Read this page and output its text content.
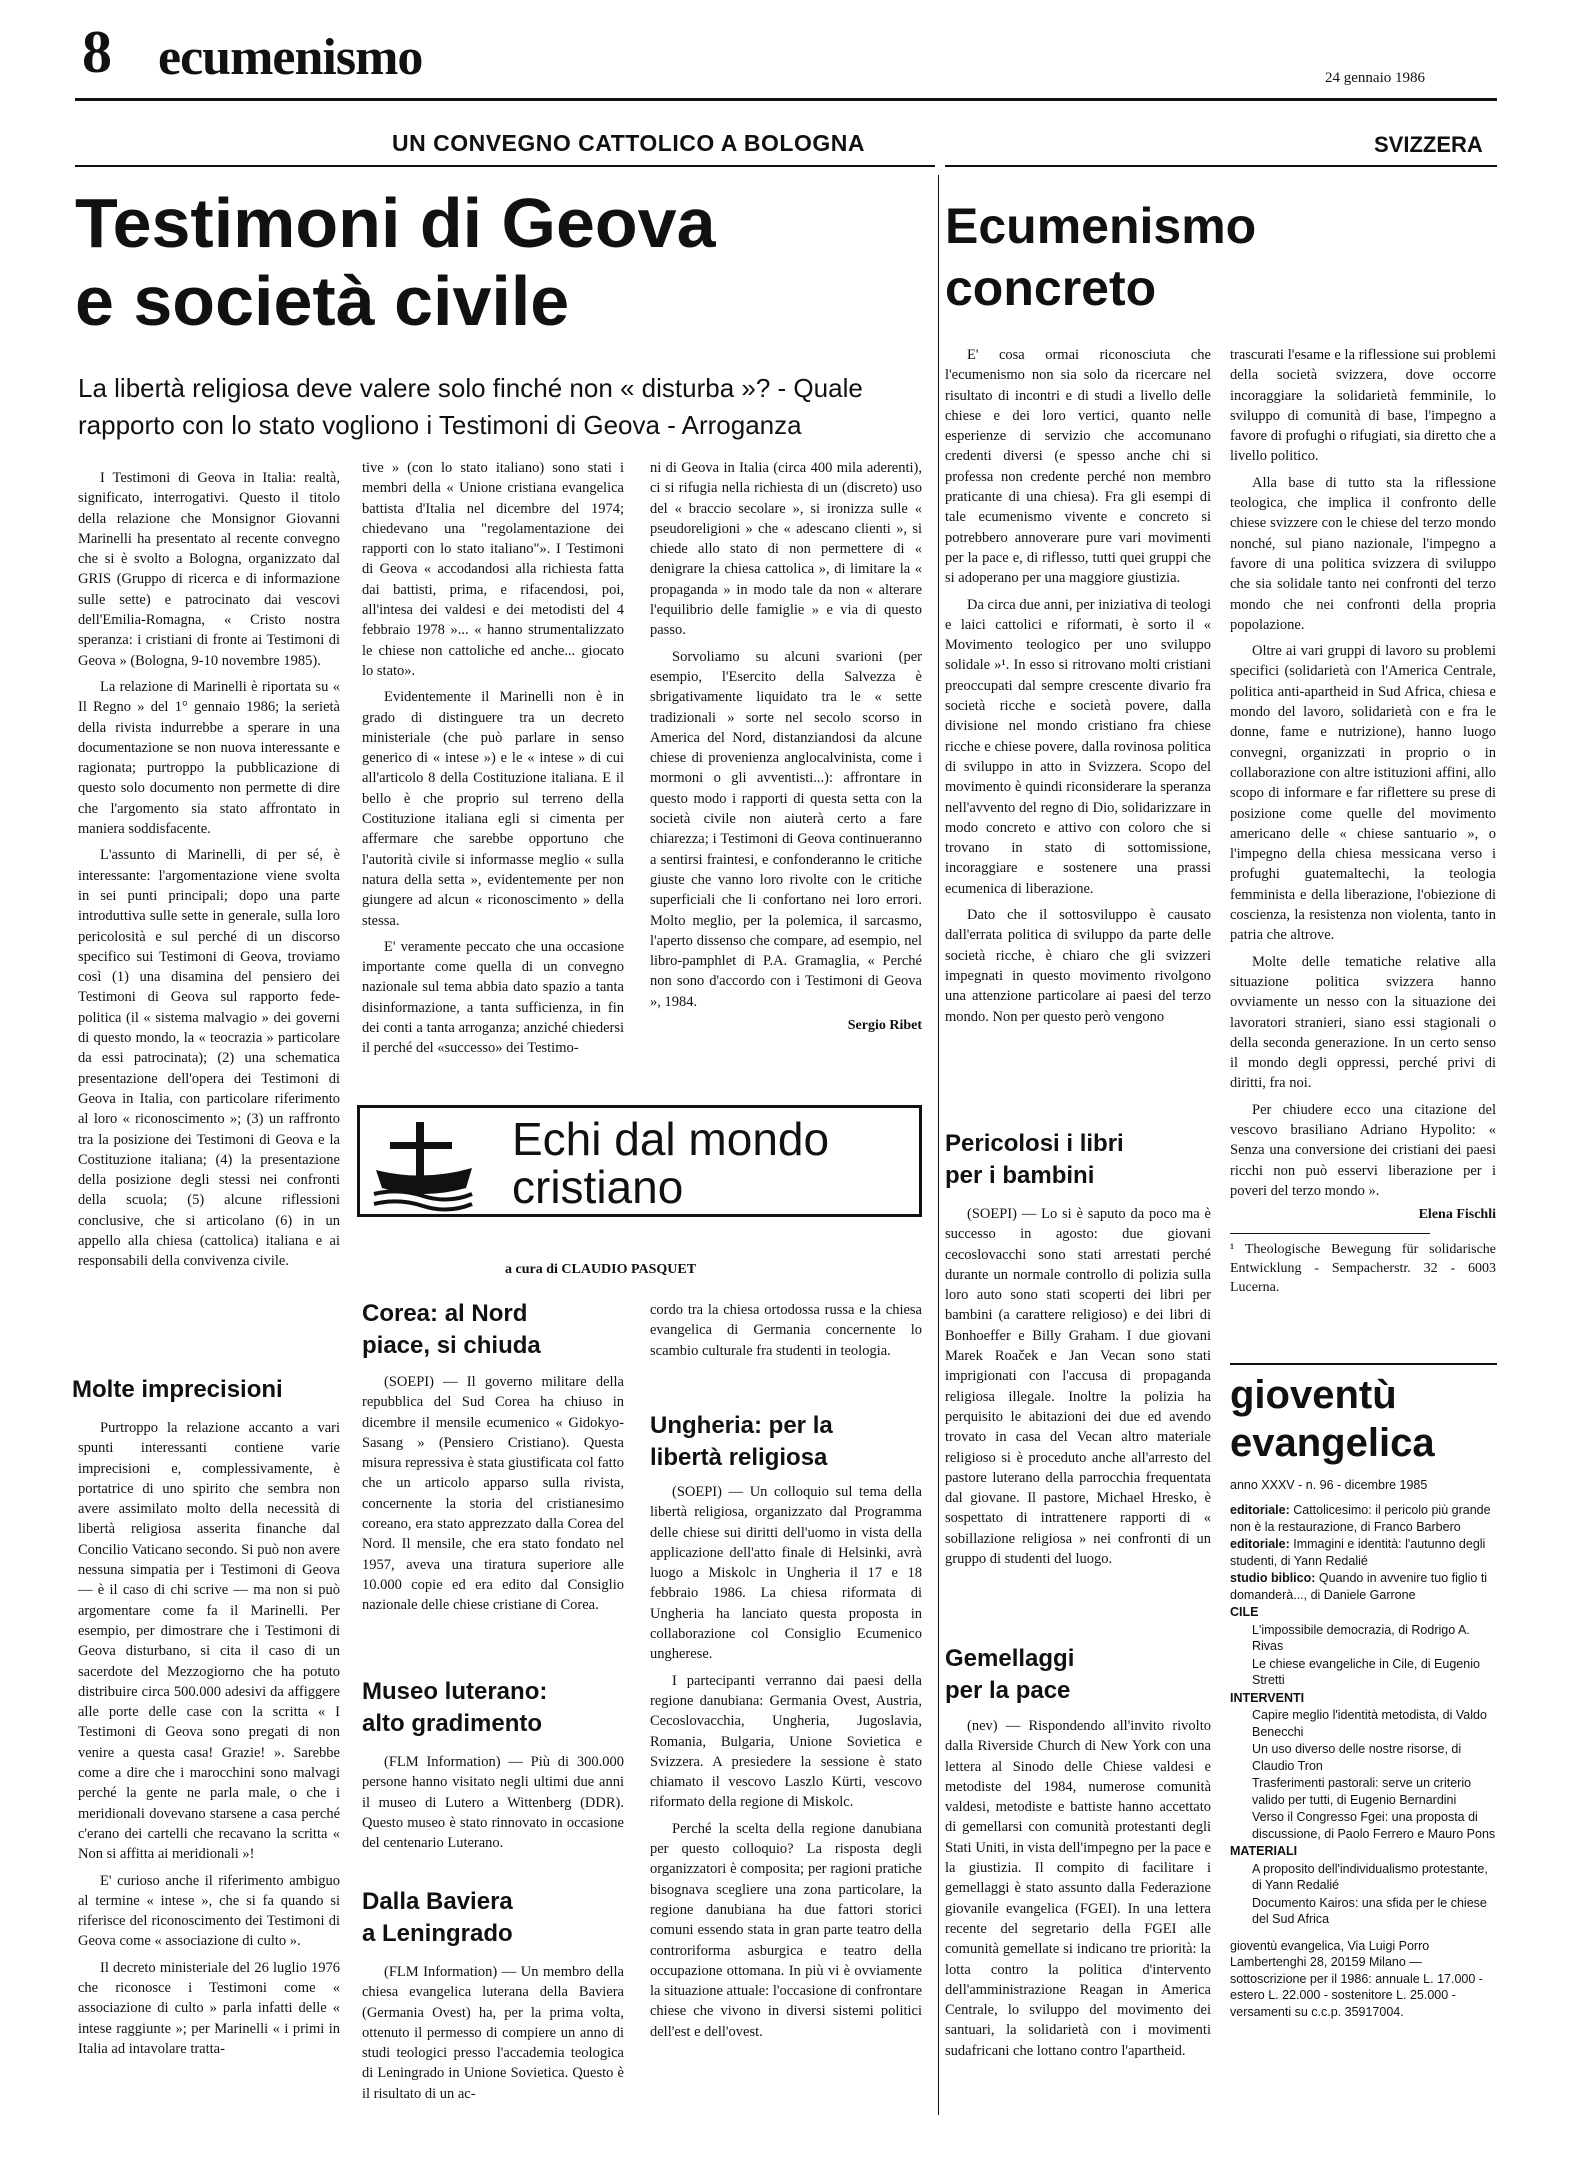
8 ecumenismo	24 gennaio 1986
UN CONVEGNO CATTOLICO A BOLOGNA
Testimoni di Geova
e società civile
La libertà religiosa deve valere solo finché non « disturba »? - Quale
rapporto con lo stato vogliono i Testimoni di Geova - Arroganza

I Testimoni di Geova in Italia: realtà, significato, interrogativi. Questo il titolo della relazione che Monsignor Giovanni Marinelli ha presentato al recente convegno che si è svolto a Bologna, organizzato dal GRIS (Gruppo di ricerca e di informazione sulle sette) e patrocinato dai vescovi dell'Emilia-Romagna, « Cristo nostra speranza: i cristiani di fronte ai Testimoni di Geova » (Bologna, 9-10 novembre 1985).

La relazione di Marinelli è riportata su « Il Regno » del 1° gennaio 1986; la serietà della rivista indurrebbe a sperare in una documentazione se non nuova interessante e ragionata; purtroppo la pubblicazione di questo solo documento non permette di dire che l'argomento sia stato affrontato in maniera soddisfacente.

L'assunto di Marinelli, di per sé, è interessante: l'argomentazione viene svolta in sei punti principali; dopo una parte introduttiva sulle sette in generale, sulla loro pericolosità e sul perché di un discorso specifico sui Testimoni di Geova, troviamo così (1) una disamina del pensiero dei Testimoni di Geova sul rapporto fede-politica (il « sistema malvagio » dei governi di questo mondo, la « teocrazia » particolare da essi patrocinata); (2) una schematica presentazione dell'opera dei Testimoni di Geova in Italia, con particolare riferimento al loro « riconoscimento »; (3) un raffronto tra la posizione dei Testimoni di Geova e la Costituzione italiana; (4) la presentazione della posizione degli stessi nei confronti della scuola; (5) alcune riflessioni conclusive, che si articolano (6) in un appello alla chiesa (cattolica) italiana e ai responsabili della convivenza civile.

Molte imprecisioni

Purtroppo la relazione accanto a vari spunti interessanti contiene varie imprecisioni e, complessivamente, è portatrice di uno spirito che sembra non avere assimilato molto della necessità di libertà religiosa asserita finanche dal Concilio Vaticano secondo. Si può non avere nessuna simpatia per i Testimoni di Geova — è il caso di chi scrive — ma non si può argomentare come fa il Marinelli. Per esempio, per dimostrare che i Testimoni di Geova disturbano, si cita il caso di un sacerdote del Mezzogiorno che ha potuto distribuire circa 500.000 adesivi da affiggere alle porte delle case con la scritta « I Testimoni di Geova sono pregati di non venire a questa casa! Grazie! ». Sarebbe come a dire che i marocchini sono malvagi perché la gente ne parla male, o che i meridionali dovevano starsene a casa perché c'erano dei cartelli che recavano la scritta « Non si affitta ai meridionali »!

E' curioso anche il riferimento ambiguo al termine « intese », che si fa quando si riferisce del riconoscimento dei Testimoni di Geova come « associazione di culto ».

Il decreto ministeriale del 26 luglio 1976 che riconosce i Testimoni come « associazione di culto » parla infatti delle « intese raggiunte »; per Marinelli « i primi in Italia ad intavolare tratta-

tive » (con lo stato italiano) sono stati i membri della « Unione cristiana evangelica battista d'Italia nel dicembre del 1974; chiedevano una "regolamentazione dei rapporti con lo stato italiano"». I Testimoni di Geova « accodandosi alla richiesta fatta dai battisti, prima, e rifacendosi, poi, all'intesa dei valdesi e dei metodisti del 4 febbraio 1978 »... « hanno strumentalizzato le chiese non cattoliche ed anche... giocato lo stato».

Evidentemente il Marinelli non è in grado di distinguere tra un decreto ministeriale (che può parlare in senso generico di « intese ») e le « intese » di cui all'articolo 8 della Costituzione italiana. E il bello è che proprio sul terreno della Costituzione italiana egli si cimenta per affermare che sarebbe opportuno che l'autorità civile si informasse meglio « sulla natura della setta », evidentemente per non giungere ad alcun « riconoscimento » della stessa.

E' veramente peccato che una occasione importante come quella di un convegno nazionale sul tema abbia dato spazio a tanta disinformazione, a tanta sufficienza, in fin dei conti a tanta arroganza; anziché chiedersi il perché del «successo» dei Testimo-

ni di Geova in Italia (circa 400 mila aderenti), ci si rifugia nella richiesta di un (discreto) uso del « braccio secolare », si ironizza sulle « pseudoreligioni » che « adescano clienti », si chiede allo stato di non permettere di « denigrare la chiesa cattolica », di limitare la « propaganda » in modo tale da non « alterare l'equilibrio delle famiglie » e via di questo passo.

Sorvoliamo su alcuni svarioni (per esempio, l'Esercito della Salvezza è sbrigativamente liquidato tra le « sette tradizionali » sorte nel secolo scorso in America del Nord, distanziandosi da alcune chiese di provenienza anglocalvinista, come i mormoni o gli avventisti...): affrontare in questo modo i rapporti di questa setta con la società civile non aiuterà certo a fare chiarezza; i Testimoni di Geova continueranno a sentirsi fraintesi, e confonderanno le critiche giuste che vanno loro rivolte con le critiche superficiali che li confortano nei loro errori. Molto meglio, per la polemica, il sarcasmo, l'aperto dissenso che compare, ad esempio, nel libro-pamphlet di P.A. Gramaglia, « Perché non sono d'accordo con i Testimoni di Geova », 1984.

Sergio Ribet

Echi dal mondo
cristiano
a cura di CLAUDIO PASQUET
Corea: al Nord
piace, si chiuda

(SOEPI) — Il governo militare della repubblica del Sud Corea ha chiuso in dicembre il mensile ecumenico « Gidokyo-Sasang » (Pensiero Cristiano). Questa misura repressiva è stata giustificata col fatto che un articolo apparso sulla rivista, concernente la storia del cristianesimo coreano, era stato apprezzato dalla Corea del Nord. Il mensile, che era stato fondato nel 1957, aveva una tiratura superiore alle 10.000 copie ed era edito dal Consiglio nazionale delle chiese cristiane di Corea.

Museo luterano:
alto gradimento

(FLM Information) — Più di 300.000 persone hanno visitato negli ultimi due anni il museo di Lutero a Wittenberg (DDR). Questo museo è stato rinnovato in occasione del centenario Luterano.

Dalla Baviera
a Leningrado

(FLM Information) — Un membro della chiesa evangelica luterana della Baviera (Germania Ovest) ha, per la prima volta, ottenuto il permesso di compiere un anno di studi teologici presso l'accademia teologica di Leningrado in Unione Sovietica. Questo è il risultato di un ac-

cordo tra la chiesa ortodossa russa e la chiesa evangelica di Germania concernente lo scambio culturale fra studenti in teologia.

Ungheria: per la
libertà religiosa

(SOEPI) — Un colloquio sul tema della libertà religiosa, organizzato dal Programma delle chiese sui diritti dell'uomo in vista della applicazione dell'atto finale di Helsinki, avrà luogo a Miskolc in Ungheria il 17 e 18 febbraio 1986. La chiesa riformata di Ungheria ha lanciato questa proposta in collaborazione col Consiglio Ecumenico ungherese.

I partecipanti verranno dai paesi della regione danubiana: Germania Ovest, Austria, Cecoslovacchia, Ungheria, Jugoslavia, Romania, Bulgaria, Unione Sovietica e Svizzera. A presiedere la sessione è stato chiamato il vescovo Laszlo Kürti, vescovo riformato della regione di Miskolc.

Perché la scelta della regione danubiana per questo colloquio? La risposta degli organizzatori è composita; per ragioni pratiche bisognava scegliere una zona particolare, la regione danubiana ha due fattori storici comuni essendo stata in gran parte teatro della controriforma asburgica e teatro della occupazione ottomana. In più vi è ovviamente la situazione attuale: l'occasione di confrontare chiese che vivono in diversi sistemi politici dell'est e dell'ovest.

SVIZZERA
Ecumenismo
concreto

E' cosa ormai riconosciuta che l'ecumenismo non sia solo da ricercare nel risultato di incontri e di studi a livello delle chiese e dei loro vertici, quanto nelle esperienze di servizio che accomunano credenti diversi (e spesso anche chi si professa non credente perché non membro praticante di una chiesa). Fra gli esempi di tale ecumenismo vivente e concreto si potrebbero annoverare pure vari movimenti per la pace e, di riflesso, tutti quei gruppi che si adoperano per una maggiore giustizia.

Da circa due anni, per iniziativa di teologi e laici cattolici e riformati, è sorto il « Movimento teologico per uno sviluppo solidale »¹. In esso si ritrovano molti cristiani preoccupati dal sempre crescente divario fra società ricche e società povere, dalla divisione nel mondo cristiano fra chiese ricche e chiese povere, dalla rovinosa politica di sviluppo in atto in Svizzera. Scopo del movimento è quindi riconsiderare la speranza nell'avvento del regno di Dio, solidarizzare in modo concreto e attivo con coloro che si trovano in stato di sottomissione, incoraggiare e sostenere una prassi ecumenica di liberazione.

Dato che il sottosviluppo è causato dall'errata politica di sviluppo da parte delle società ricche, è chiaro che gli svizzeri impegnati in questo movimento rivolgono una attenzione particolare ai paesi del terzo mondo. Non per questo però vengono

trascurati l'esame e la riflessione sui problemi della società svizzera, dove occorre incoraggiare la solidarietà femminile, lo sviluppo di comunità di base, l'impegno a favore di profughi o rifugiati, sia diretto che a livello politico.

Alla base di tutto sta la riflessione teologica, che implica il confronto delle chiese svizzere con le chiese del terzo mondo nonché, sul piano nazionale, l'impegno a favore di una politica svizzera di sviluppo che sia solidale tanto nei confronti del terzo mondo che nei confronti della propria popolazione.

Oltre ai vari gruppi di lavoro su problemi specifici (solidarietà con l'America Centrale, politica anti-apartheid in Sud Africa, chiesa e mondo del lavoro, solidarietà con e fra le donne, fame e nutrizione), hanno luogo convegni, organizzati in proprio o in collaborazione con altre istituzioni affini, allo scopo di informare e far riflettere su prese di posizione come quelle del movimento americano delle « chiese santuario », o l'impegno della chiesa messicana verso i profughi guatemaltechi, la teologia femminista e della liberazione, l'obiezione di coscienza, la resistenza non violenta, tanto in patria che altrove.

Molte delle tematiche relative alla situazione politica svizzera hanno ovviamente un nesso con la situazione dei lavoratori stranieri, siano essi stagionali o della seconda generazione. In un certo senso il mondo degli oppressi, perché privi di diritti, fra noi.

Per chiudere ecco una citazione del vescovo brasiliano Adriano Hypolito: « Senza una conversione dei cristiani dei paesi ricchi non può esservi liberazione per i poveri del terzo mondo ».

Elena Fischli

¹ Theologische Bewegung für solidarische Entwicklung - Sempacherstr. 32 - 6003 Lucerna.

Pericolosi i libri
per i bambini

(SOEPI) — Lo si è saputo da poco ma è successo in agosto: due giovani cecoslovacchi sono stati arrestati perché durante un normale controllo di polizia sulla loro auto sono stati scoperti dei libri per bambini (a carattere religioso) e dei libri di Bonhoeffer e Billy Graham. I due giovani Marek Roaček e Jan Vecan sono stati imprigionati con l'accusa di propaganda religiosa illegale. Inoltre la polizia ha perquisito le abitazioni dei due ed avendo trovato in casa del Vecan altro materiale religioso si è proceduto anche all'arresto del pastore luterano della parrocchia frequentata dal giovane. Il pastore, Michael Hresko, è sospettato di intrattenere rapporti di « sobillazione religiosa » nei confronti di un gruppo di studenti del luogo.

Gemellaggi
per la pace

(nev) — Rispondendo all'invito rivolto dalla Riverside Church di New York con una lettera al Sinodo delle Chiese valdesi e metodiste del 1984, numerose comunità valdesi, metodiste e battiste hanno accettato di gemellarsi con comunità protestanti degli Stati Uniti, in vista dell'impegno per la pace e la giustizia. Il compito di facilitare i gemellaggi è stato assunto dalla Federazione giovanile evangelica (FGEI). In una lettera recente del segretario della FGEI alle comunità gemellate si indicano tre priorità: la lotta contro la politica d'intervento dell'amministrazione Reagan in America Centrale, lo sviluppo del movimento dei santuari, la solidarietà con i movimenti sudafricani che lottano contro l'apartheid.

gioventù
evangelica
anno XXXV - n. 96 - dicembre 1985

editoriale: Cattolicesimo: il pericolo più grande non è la restaurazione, di Franco Barbero

editoriale: Immagini e identità: l'autunno degli studenti, di Yann Redalié

studio biblico: Quando in avvenire tuo figlio ti domanderà..., di Daniele Garrone

CILE

L'impossibile democrazia, di Rodrigo A. Rivas

Le chiese evangeliche in Cile, di Eugenio Stretti

INTERVENTI

Capire meglio l'identità metodista, di Valdo Benecchi

Un uso diverso delle nostre risorse, di Claudio Tron

Trasferimenti pastorali: serve un criterio valido per tutti, di Eugenio Bernardini

Verso il Congresso Fgei: una proposta di discussione, di Paolo Ferrero e Mauro Pons

MATERIALI

A proposito dell'individualismo protestante, di Yann Redalié

Documento Kairos: una sfida per le chiese del Sud Africa

gioventù evangelica, Via Luigi Porro Lambertenghi 28, 20159 Milano — sottoscrizione per il 1986: annuale L. 17.000 - estero L. 22.000 - sostenitore L. 25.000 - versamenti su c.c.p. 35917004.
